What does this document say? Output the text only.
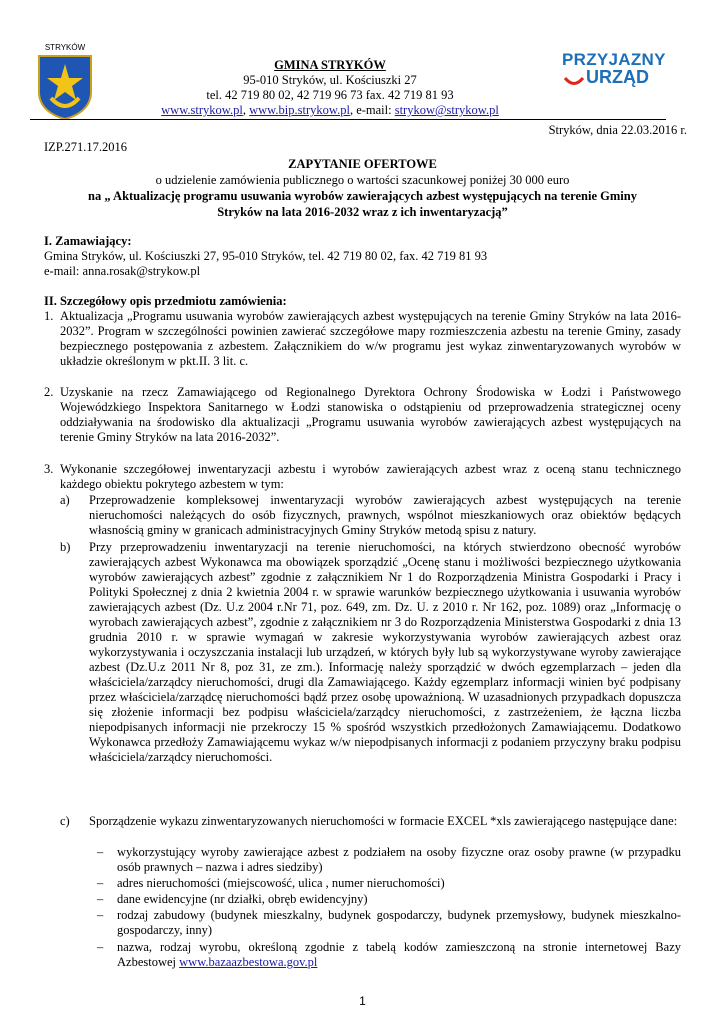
STRYKÓW
GMINA STRYKÓW
95-010 Stryków, ul. Kościuszki 27
tel. 42 719 80 02, 42 719 96 73 fax. 42 719 81 93
www.strykow.pl, www.bip.strykow.pl, e-mail: strykow@strykow.pl
PRZYJAZNY
URZĄD
Stryków, dnia 22.03.2016 r.
IZP.271.17.2016
ZAPYTANIE OFERTOWE
o udzielenie zamówienia publicznego o wartości szacunkowej poniżej 30 000 euro
na „ Aktualizację programu usuwania wyrobów zawierających azbest występujących na terenie Gminy
Stryków na lata 2016-2032 wraz z ich inwentaryzacją”
I. Zamawiający:
Gmina Stryków, ul. Kościuszki 27, 95-010 Stryków, tel. 42 719 80 02, fax. 42 719 81 93
e-mail: anna.rosak@strykow.pl
II. Szczegółowy opis przedmiotu zamówienia:
1. Aktualizacja „Programu usuwania wyrobów zawierających azbest występujących na terenie Gminy Stryków na lata 2016-2032”. Program w szczególności powinien zawierać szczegółowe mapy rozmieszczenia azbestu na terenie Gminy, zasady bezpiecznego postępowania z azbestem. Załącznikiem do w/w programu jest wykaz zinwentaryzowanych wyrobów w układzie określonym w pkt.II. 3 lit. c.
2. Uzyskanie na rzecz Zamawiającego od Regionalnego Dyrektora Ochrony Środowiska w Łodzi i Państwowego Wojewódzkiego Inspektora Sanitarnego w Łodzi stanowiska o odstąpieniu od przeprowadzenia strategicznej oceny oddziaływania na środowisko dla aktualizacji „Programu usuwania wyrobów zawierających azbest występujących na terenie Gminy Stryków na lata 2016-2032”.
3. Wykonanie szczegółowej inwentaryzacji azbestu i wyrobów zawierających azbest wraz z oceną stanu technicznego każdego obiektu pokrytego azbestem w tym:
a) Przeprowadzenie kompleksowej inwentaryzacji wyrobów zawierających azbest występujących na terenie nieruchomości należących do osób fizycznych, prawnych, wspólnot mieszkaniowych oraz obiektów będących własnością gminy w granicach administracyjnych Gminy Stryków metodą spisu z natury.
b) Przy przeprowadzeniu inwentaryzacji na terenie nieruchomości, na których stwierdzono obecność wyrobów zawierających azbest Wykonawca ma obowiązek sporządzić „Ocenę stanu i możliwości bezpiecznego użytkowania wyrobów zawierających azbest” zgodnie z załącznikiem Nr 1 do Rozporządzenia Ministra Gospodarki i Pracy i Polityki Społecznej z dnia 2 kwietnia 2004 r. w sprawie warunków bezpiecznego użytkowania i usuwania wyrobów zawierających azbest (Dz. U.z 2004 r.Nr 71, poz. 649, zm. Dz. U. z 2010 r. Nr 162, poz. 1089) oraz „Informację o wyrobach zawierających azbest”, zgodnie z załącznikiem nr 3 do Rozporządzenia Ministerstwa Gospodarki z dnia 13 grudnia 2010 r. w sprawie wymagań w zakresie wykorzystywania wyrobów zawierających azbest oraz wykorzystywania i oczyszczania instalacji lub urządzeń, w których były lub są wykorzystywane wyroby zawierające azbest (Dz.U.z 2011 Nr 8, poz 31, ze zm.). Informację należy sporządzić w dwóch egzemplarzach – jeden dla właściciela/zarządcy nieruchomości, drugi dla Zamawiającego. Każdy egzemplarz informacji winien być podpisany przez właściciela/zarządcę nieruchomości bądź przez osobę upoważnioną. W uzasadnionych przypadkach dopuszcza się złożenie informacji bez podpisu właściciela/zarządcy nieruchomości, z zastrzeżeniem, że łączna liczba niepodpisanych informacji nie przekroczy 15 % spośród wszystkich przedłożonych Zamawiającemu. Dodatkowo Wykonawca przedłoży Zamawiającemu wykaz w/w niepodpisanych informacji z podaniem przyczyny braku podpisu właściciela/zarządcy nieruchomości.
c) Sporządzenie wykazu zinwentaryzowanych nieruchomości w formacie EXCEL *xls zawierającego następujące dane:
– wykorzystujący wyroby zawierające azbest z podziałem na osoby fizyczne oraz osoby prawne (w przypadku osób prawnych – nazwa i adres siedziby)
– adres nieruchomości (miejscowość, ulica , numer nieruchomości)
– dane ewidencyjne (nr działki, obręb ewidencyjny)
– rodzaj zabudowy (budynek mieszkalny, budynek gospodarczy, budynek przemysłowy, budynek mieszkalno-gospodarczy, inny)
– nazwa, rodzaj wyrobu, określoną zgodnie z tabelą kodów zamieszczoną na stronie internetowej Bazy Azbestowej www.bazaazbestowa.gov.pl
1
